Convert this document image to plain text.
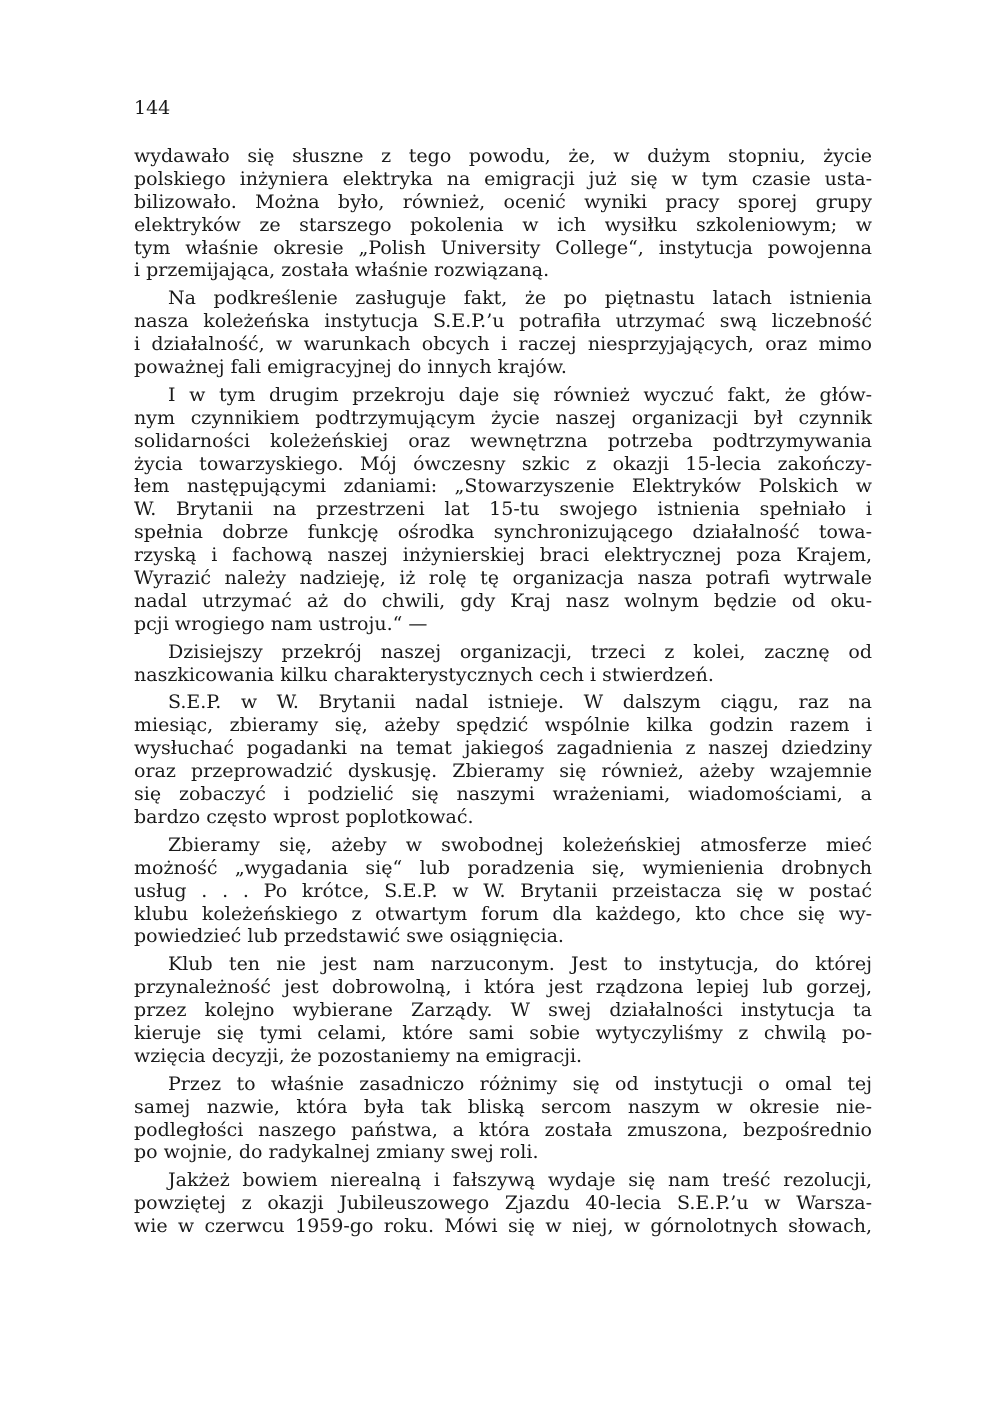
144
wydawało się słuszne z tego powodu, że, w dużym stopniu, życie
polskiego inżyniera elektryka na emigracji już się w tym czasie usta-
bilizowało. Można było, również, ocenić wyniki pracy sporej grupy
elektryków ze starszego pokolenia w ich wysiłku szkoleniowym; w
tym właśnie okresie „Polish University College“, instytucja powojenna
i przemijająca, została właśnie rozwiązaną.
Na podkreślenie zasługuje fakt, że po piętnastu latach istnienia
nasza koleżeńska instytucja S.E.P.’u potrafiła utrzymać swą liczebność
i działalność, w warunkach obcych i raczej niesprzyjających, oraz mimo
poważnej fali emigracyjnej do innych krajów.
I w tym drugim przekroju daje się również wyczuć fakt, że głów-
nym czynnikiem podtrzymującym życie naszej organizacji był czynnik
solidarności koleżeńskiej oraz wewnętrzna potrzeba podtrzymywania
życia towarzyskiego. Mój ówczesny szkic z okazji 15-lecia zakończy-
łem następującymi zdaniami: „Stowarzyszenie Elektryków Polskich w
W. Brytanii na przestrzeni lat 15-tu swojego istnienia spełniało i
spełnia dobrze funkcję ośrodka synchronizującego działalność towa-
rzyską i fachową naszej inżynierskiej braci elektrycznej poza Krajem,
Wyrazić należy nadzieję, iż rolę tę organizacja nasza potrafi wytrwale
nadal utrzymać aż do chwili, gdy Kraj nasz wolnym będzie od oku-
pcji wrogiego nam ustroju.“ —
Dzisiejszy przekrój naszej organizacji, trzeci z kolei, zacznę od
naszkicowania kilku charakterystycznych cech i stwierdzeń.
S.E.P. w W. Brytanii nadal istnieje. W dalszym ciągu, raz na
miesiąc, zbieramy się, ażeby spędzić wspólnie kilka godzin razem i
wysłuchać pogadanki na temat jakiegoś zagadnienia z naszej dziedziny
oraz przeprowadzić dyskusję. Zbieramy się również, ażeby wzajemnie
się zobaczyć i podzielić się naszymi wrażeniami, wiadomościami, a
bardzo często wprost poplotkować.
Zbieramy się, ażeby w swobodnej koleżeńskiej atmosferze mieć
możność „wygadania się“ lub poradzenia się, wymienienia drobnych
usług . . . Po krótce, S.E.P. w W. Brytanii przeistacza się w postać
klubu koleżeńskiego z otwartym forum dla każdego, kto chce się wy-
powiedzieć lub przedstawić swe osiągnięcia.
Klub ten nie jest nam narzuconym. Jest to instytucja, do której
przynależność jest dobrowolną, i która jest rządzona lepiej lub gorzej,
przez kolejno wybierane Zarządy. W swej działalności instytucja ta
kieruje się tymi celami, które sami sobie wytyczyliśmy z chwilą po-
wzięcia decyzji, że pozostaniemy na emigracji.
Przez to właśnie zasadniczo różnimy się od instytucji o omal tej
samej nazwie, która była tak bliską sercom naszym w okresie nie-
podległości naszego państwa, a która została zmuszona, bezpośrednio
po wojnie, do radykalnej zmiany swej roli.
Jakżeż bowiem nierealną i fałszywą wydaje się nam treść rezolucji,
powziętej z okazji Jubileuszowego Zjazdu 40-lecia S.E.P.’u w Warsza-
wie w czerwcu 1959-go roku. Mówi się w niej, w górnolotnych słowach,
